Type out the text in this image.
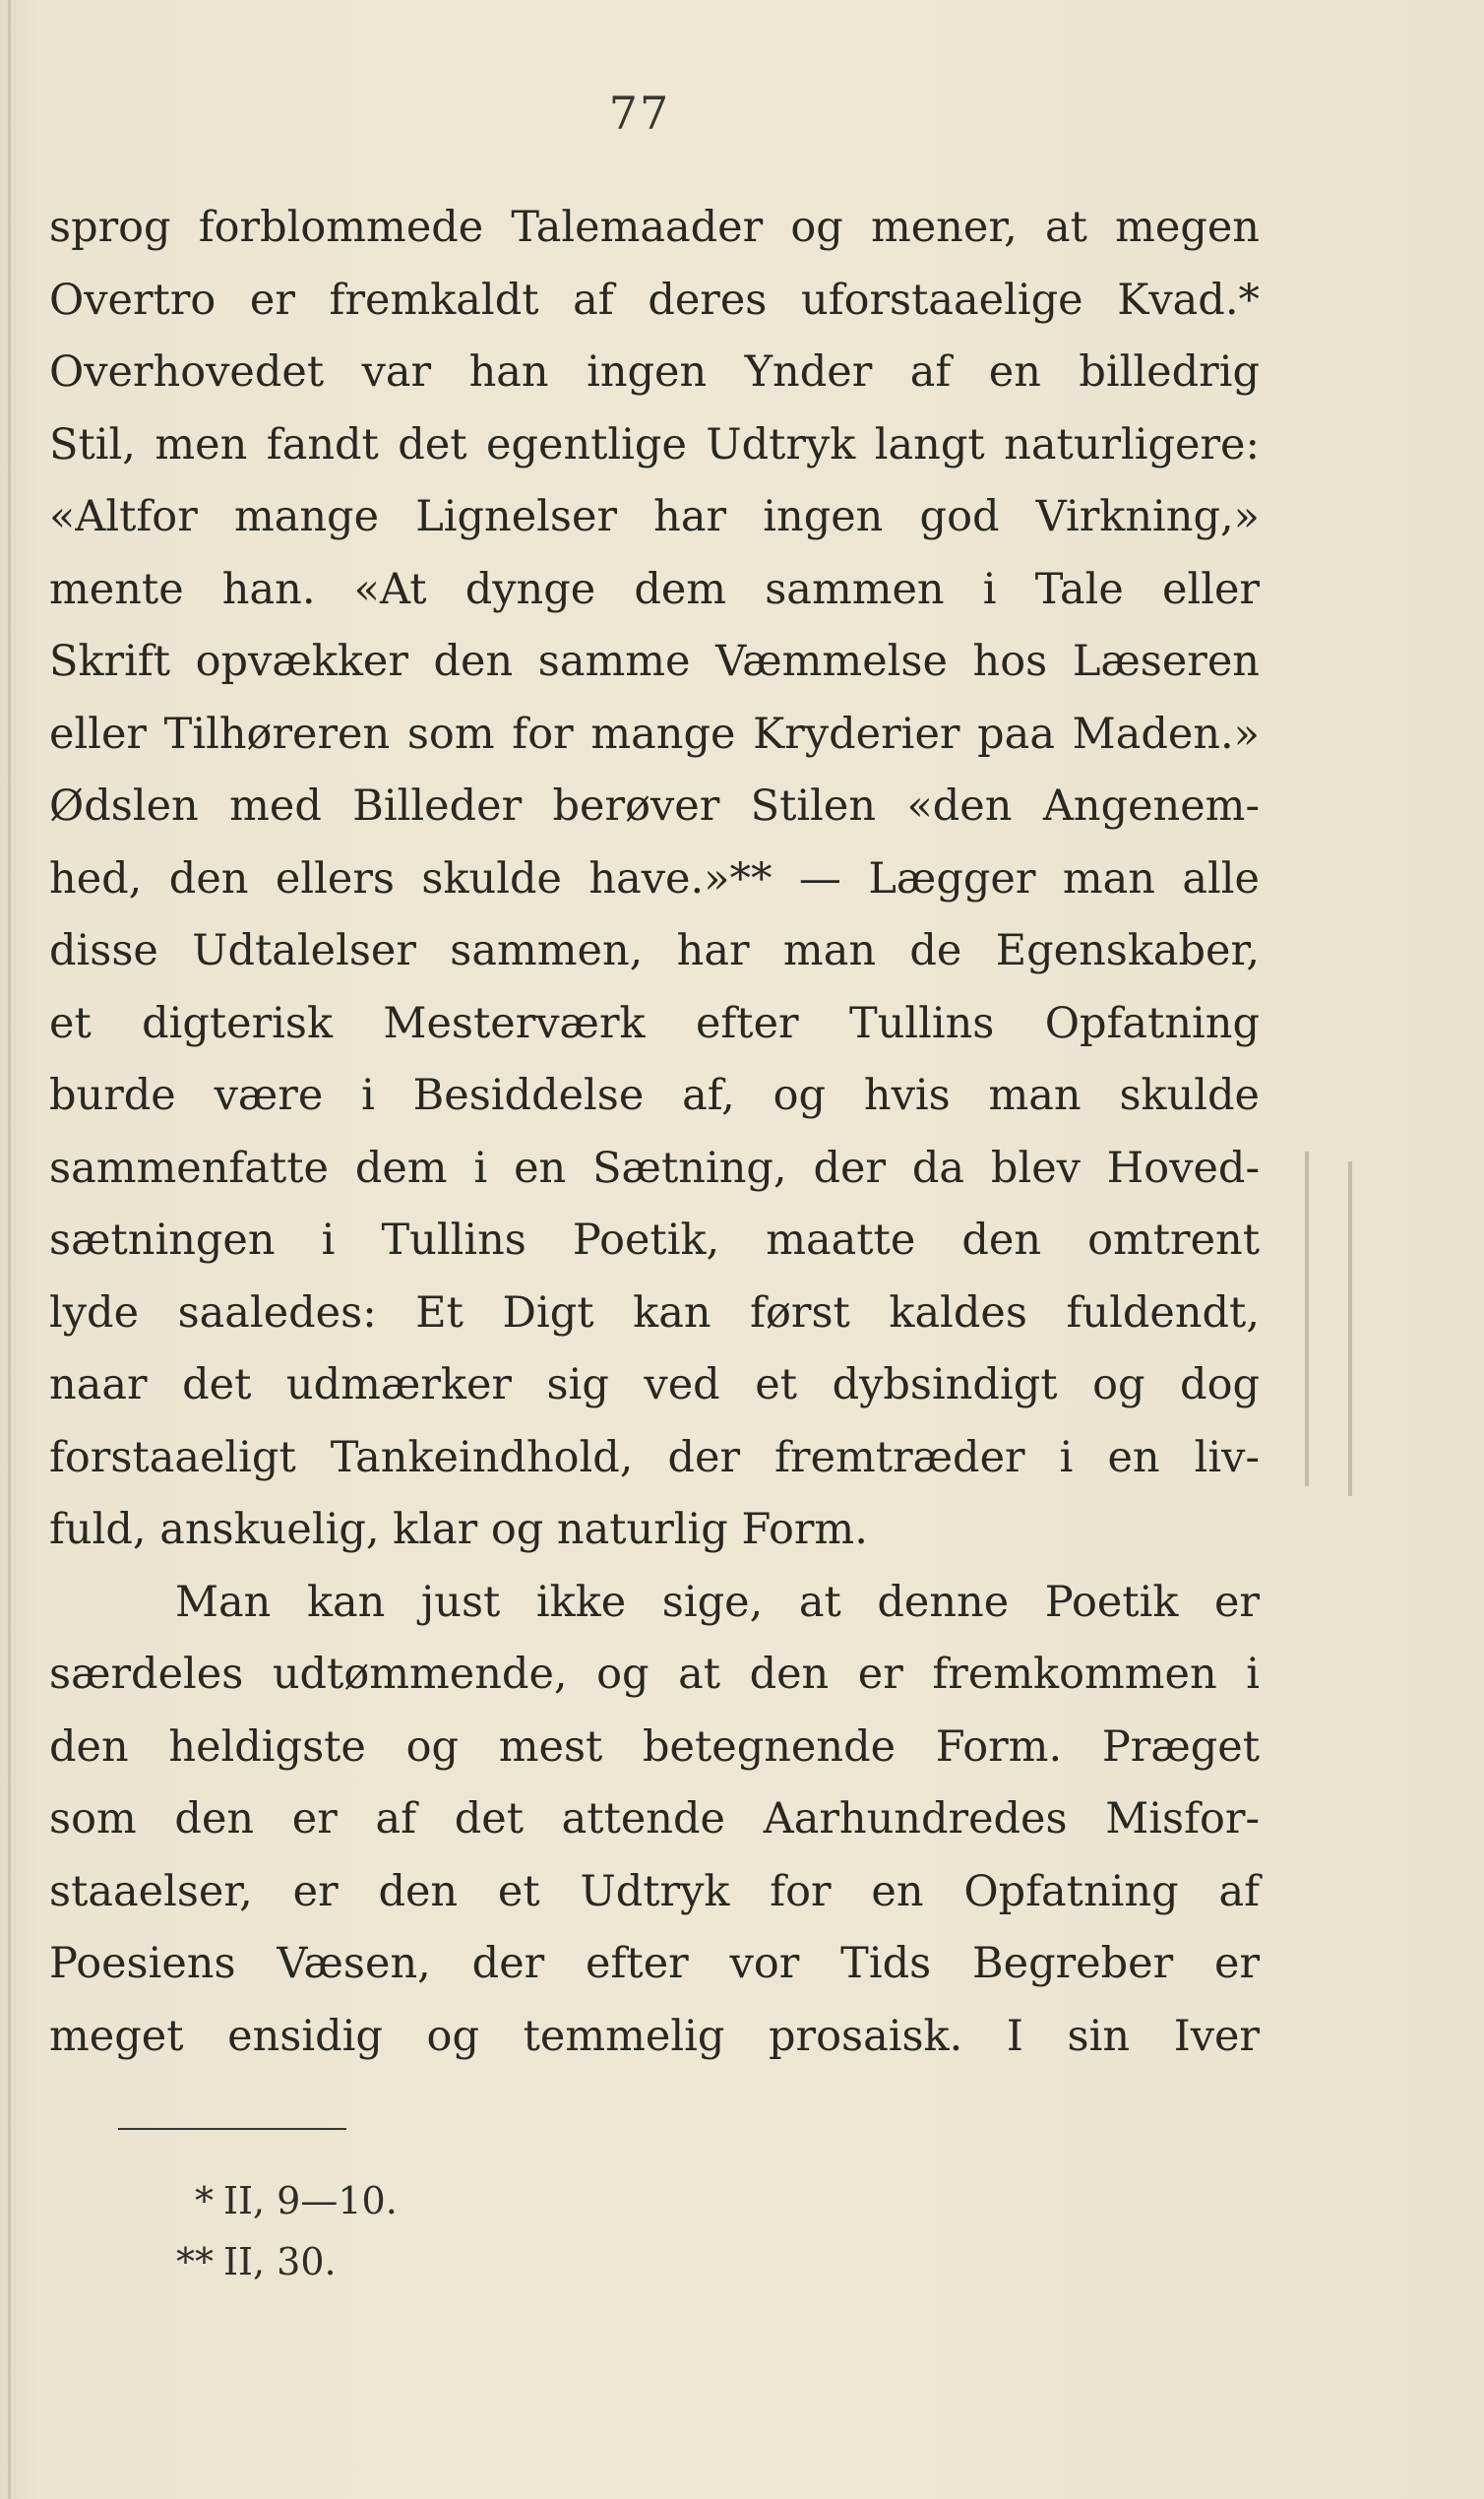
77
sprog forblommede Talemaader og mener, at megen
Overtro er fremkaldt af deres uforstaaelige Kvad.*
Overhovedet var han ingen Ynder af en billedrig
Stil, men fandt det egentlige Udtryk langt naturligere:
«Altfor mange Lignelser har ingen god Virkning,»
mente han. «At dynge dem sammen i Tale eller
Skrift opvækker den samme Væmmelse hos Læseren
eller Tilhøreren som for mange Kryderier paa Maden.»
Ødslen med Billeder berøver Stilen «den Angenem-
hed, den ellers skulde have.»** — Lægger man alle
disse Udtalelser sammen, har man de Egenskaber,
et digterisk Mesterværk efter Tullins Opfatning
burde være i Besiddelse af, og hvis man skulde
sammenfatte dem i en Sætning, der da blev Hoved-
sætningen i Tullins Poetik, maatte den omtrent
lyde saaledes: Et Digt kan først kaldes fuldendt,
naar det udmærker sig ved et dybsindigt og dog
forstaaeligt Tankeindhold, der fremtræder i en liv-
fuld, anskuelig, klar og naturlig Form.
Man kan just ikke sige, at denne Poetik er
særdeles udtømmende, og at den er fremkommen i
den heldigste og mest betegnende Form. Præget
som den er af det attende Aarhundredes Misfor-
staaelser, er den et Udtryk for en Opfatning af
Poesiens Væsen, der efter vor Tids Begreber er
meget ensidig og temmelig prosaisk. I sin Iver
* II, 9—10.
** II, 30.
